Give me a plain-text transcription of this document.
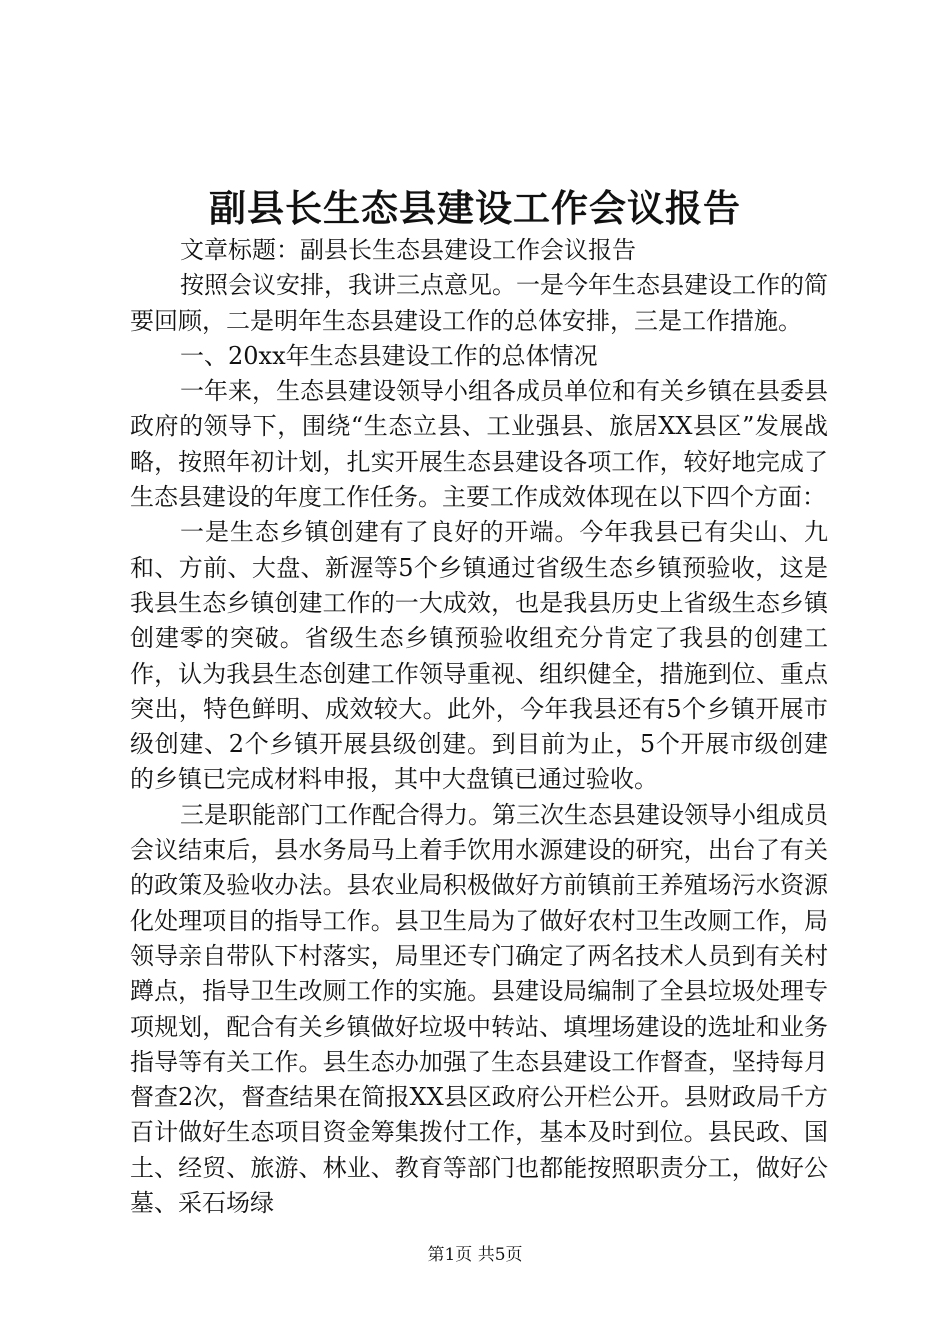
副县长生态县建设工作会议报告

文章标题：副县长生态县建设工作会议报告

按照会议安排，我讲三点意见。一是今年生态县建设工作的简要回顾，二是明年生态县建设工作的总体安排，三是工作措施。

一、20xx年生态县建设工作的总体情况

一年来，生态县建设领导小组各成员单位和有关乡镇在县委县政府的领导下，围绕“生态立县、工业强县、旅居XX县区”发展战略，按照年初计划，扎实开展生态县建设各项工作，较好地完成了生态县建设的年度工作任务。主要工作成效体现在以下四个方面：

一是生态乡镇创建有了良好的开端。今年我县已有尖山、九和、方前、大盘、新渥等5个乡镇通过省级生态乡镇预验收，这是我县生态乡镇创建工作的一大成效，也是我县历史上省级生态乡镇创建零的突破。省级生态乡镇预验收组充分肯定了我县的创建工作，认为我县生态创建工作领导重视、组织健全，措施到位、重点突出，特色鲜明、成效较大。此外，今年我县还有5个乡镇开展市级创建、2个乡镇开展县级创建。到目前为止，5个开展市级创建的乡镇已完成材料申报，其中大盘镇已通过验收。

三是职能部门工作配合得力。第三次生态县建设领导小组成员会议结束后，县水务局马上着手饮用水源建设的研究，出台了有关的政策及验收办法。县农业局积极做好方前镇前王养殖场污水资源化处理项目的指导工作。县卫生局为了做好农村卫生改厕工作，局领导亲自带队下村落实，局里还专门确定了两名技术人员到有关村蹲点，指导卫生改厕工作的实施。县建设局编制了全县垃圾处理专项规划，配合有关乡镇做好垃圾中转站、填埋场建设的选址和业务指导等有关工作。县生态办加强了生态县建设工作督查，坚持每月督查2次，督查结果在简报XX县区政府公开栏公开。县财政局千方百计做好生态项目资金筹集拨付工作，基本及时到位。县民政、国土、经贸、旅游、林业、教育等部门也都能按照职责分工，做好公墓、采石场绿

第1页 共5页
